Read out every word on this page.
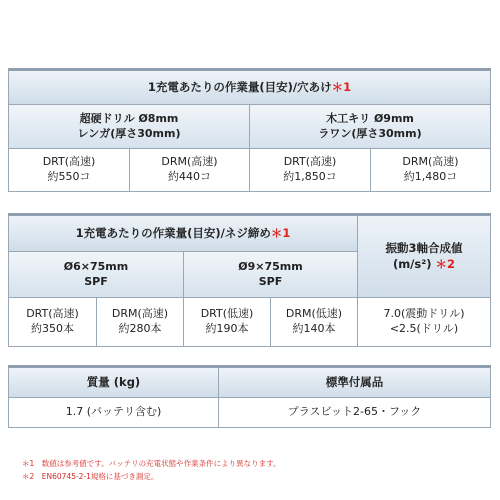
1充電あたりの作業量(目安)/穴あけ ＊1
超硬ドリル Ø8mm
レンガ(厚さ30mm)
木工キリ Ø9mm
ラワン(厚さ30mm)
DRT(高速)
約550コ
DRM(高速)
約440コ
DRT(高速)
約1,850コ
DRM(高速)
約1,480コ
1充電あたりの作業量(目安)/ネジ締め ＊1
振動3軸合成値
(m/s²) ＊2
Ø6×75mm
SPF
Ø9×75mm
SPF
DRT(高速)
約350本
DRM(高速)
約280本
DRT(低速)
約190本
DRM(低速)
約140本
7.0(震動ドリル)
<2.5(ドリル)
質量 (kg)	標準付属品
1.7 (バッテリ含む)	プラスビット2-65・フック
＊1　数値は参考値です。バッテリの充電状態や作業条件により異なります。
＊2　EN60745-2-1規格に基づき測定。
